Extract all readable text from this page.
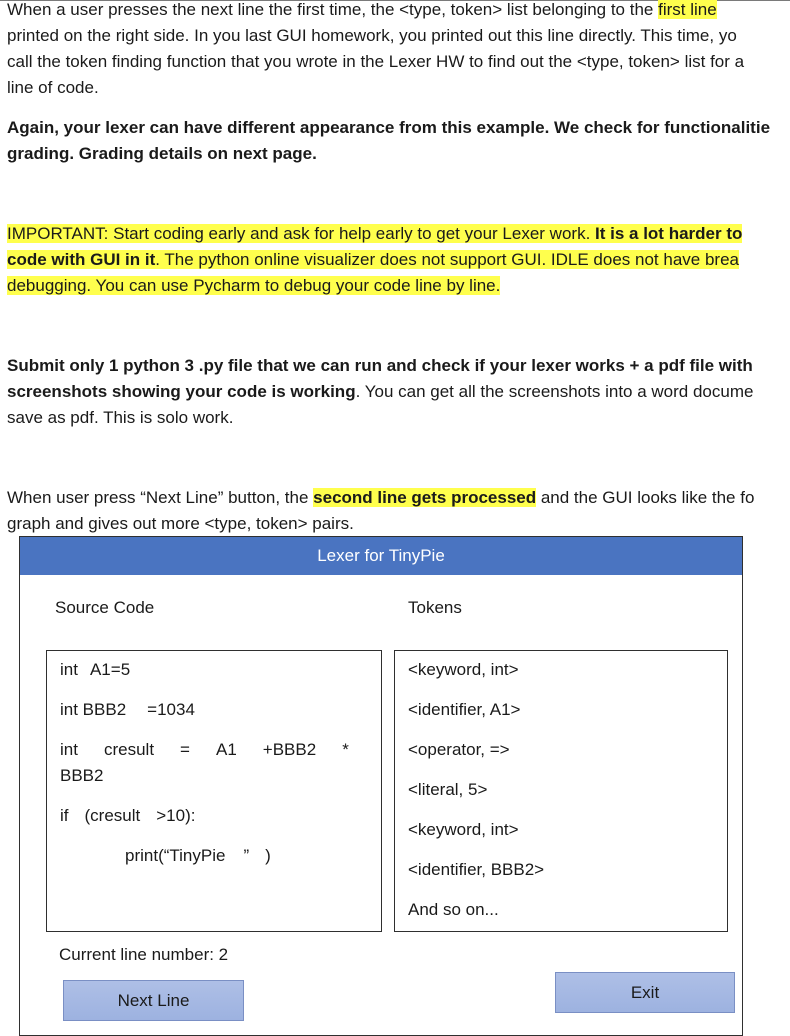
When a user presses the next line the first time, the <type, token> list belonging to the first line
printed on the right side. In you last GUI homework, you printed out this line directly. This time, yo
call the token finding function that you wrote in the Lexer HW to find out the <type, token> list for a
line of code.
Again, your lexer can have different appearance from this example. We check for functionalitie
grading. Grading details on next page.
IMPORTANT: Start coding early and ask for help early to get your Lexer work. It is a lot harder to
code with GUI in it. The python online visualizer does not support GUI. IDLE does not have brea
debugging. You can use Pycharm to debug your code line by line.
Submit only 1 python 3 .py file that we can run and check if your lexer works + a pdf file with
screenshots showing your code is working. You can get all the screenshots into a word docume
save as pdf. This is solo work.
When user press “Next Line” button, the second line gets processed and the GUI looks like the fo
graph and gives out more <type, token> pairs.
Lexer for TinyPie
Source Code	Tokens
int A1=5
int BBB2 =1034
int cresult = A1 +BBB2 *
BBB2
if (cresult >10):
print(“TinyPie ” )
<keyword, int>
<identifier, A1>
<operator, =>
<literal, 5>
<keyword, int>
<identifier, BBB2>
And so on...
Current line number: 2
Next Line	Exit
